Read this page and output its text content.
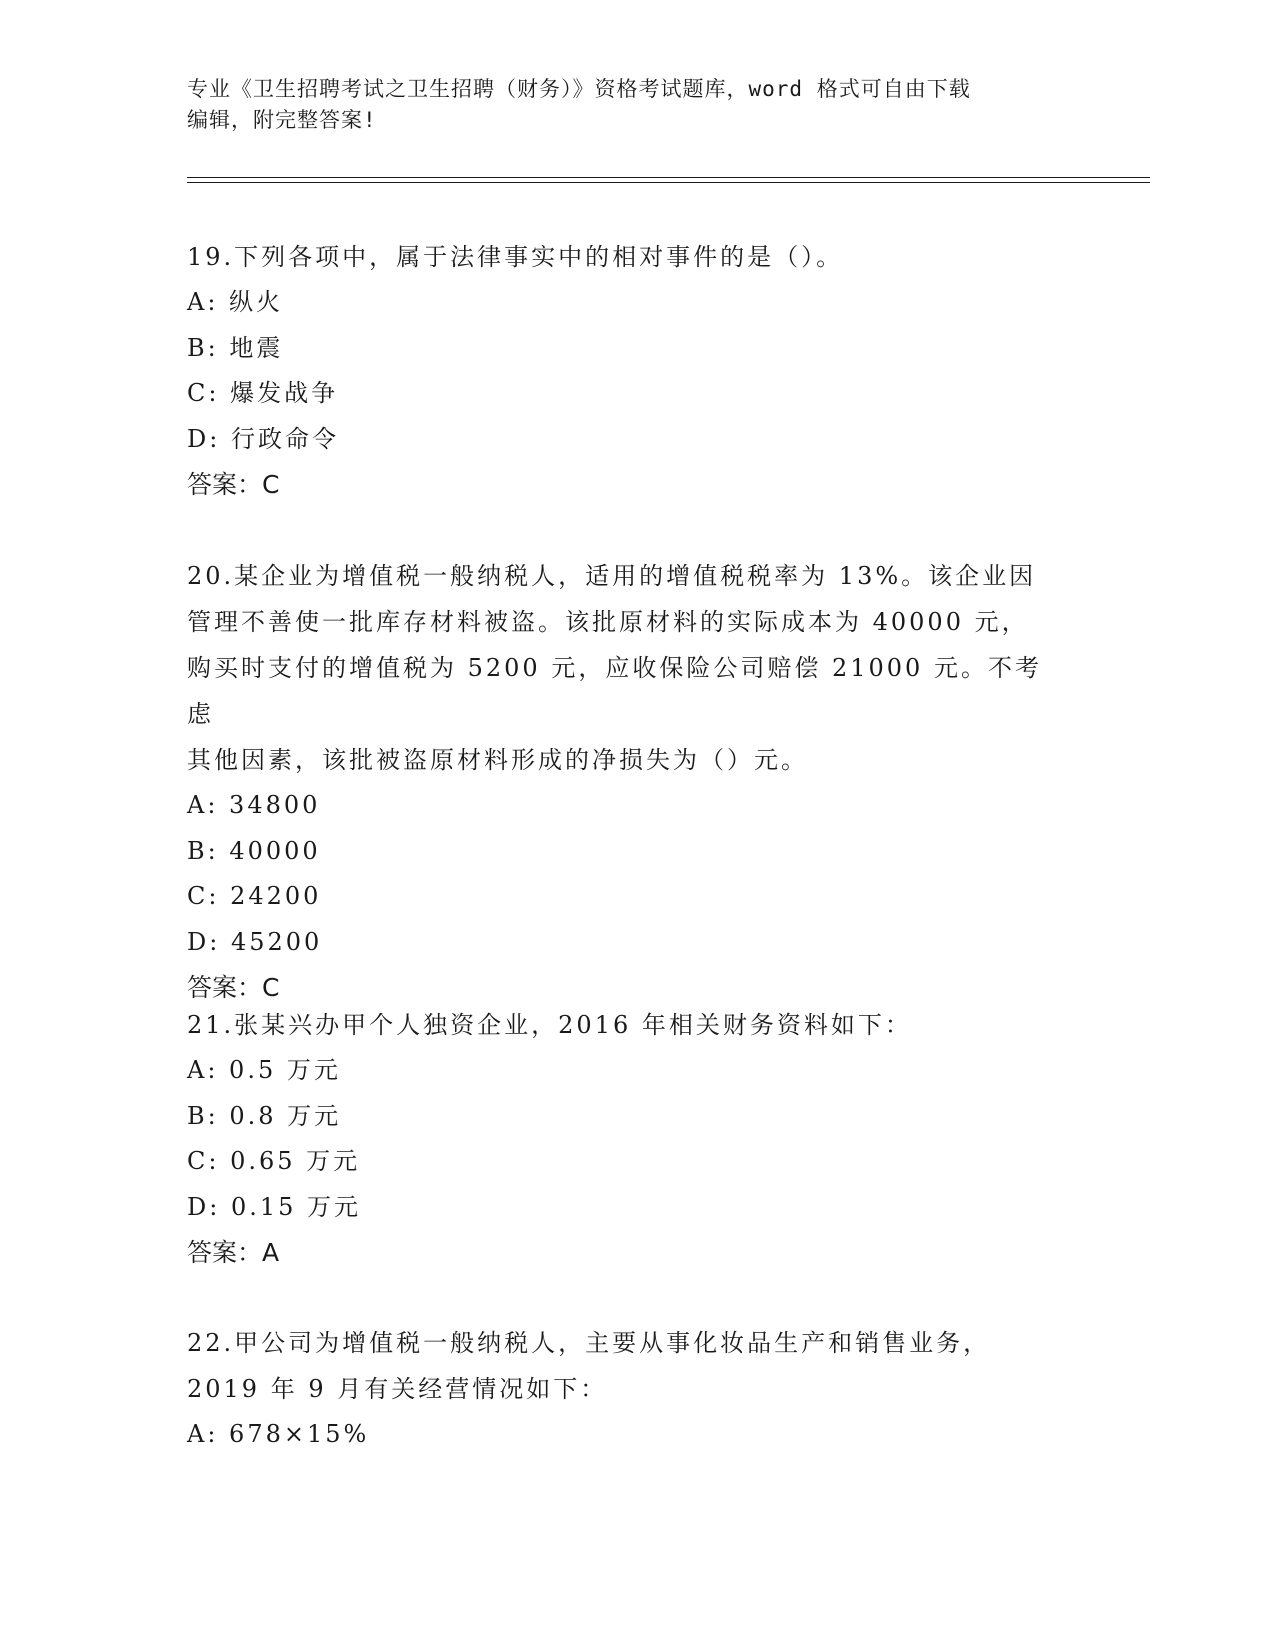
专业《卫生招聘考试之卫生招聘（财务）》资格考试题库，word 格式可自由下载
编辑，附完整答案!
19.下列各项中，属于法律事实中的相对事件的是（）。
A: 纵火
B: 地震
C: 爆发战争
D: 行政命令
答案：C
20.某企业为增值税一般纳税人，适用的增值税税率为 13%。该企业因
管理不善使一批库存材料被盗。该批原材料的实际成本为 40000 元，
购买时支付的增值税为 5200 元，应收保险公司赔偿 21000 元。不考虑
其他因素，该批被盗原材料形成的净损失为（）元。
A: 34800
B: 40000
C: 24200
D: 45200
答案：C
21.张某兴办甲个人独资企业，2016 年相关财务资料如下：
A: 0.5 万元
B: 0.8 万元
C: 0.65 万元
D: 0.15 万元
答案：A
22.甲公司为增值税一般纳税人，主要从事化妆品生产和销售业务，
2019 年 9 月有关经营情况如下：
A: 678×15%
